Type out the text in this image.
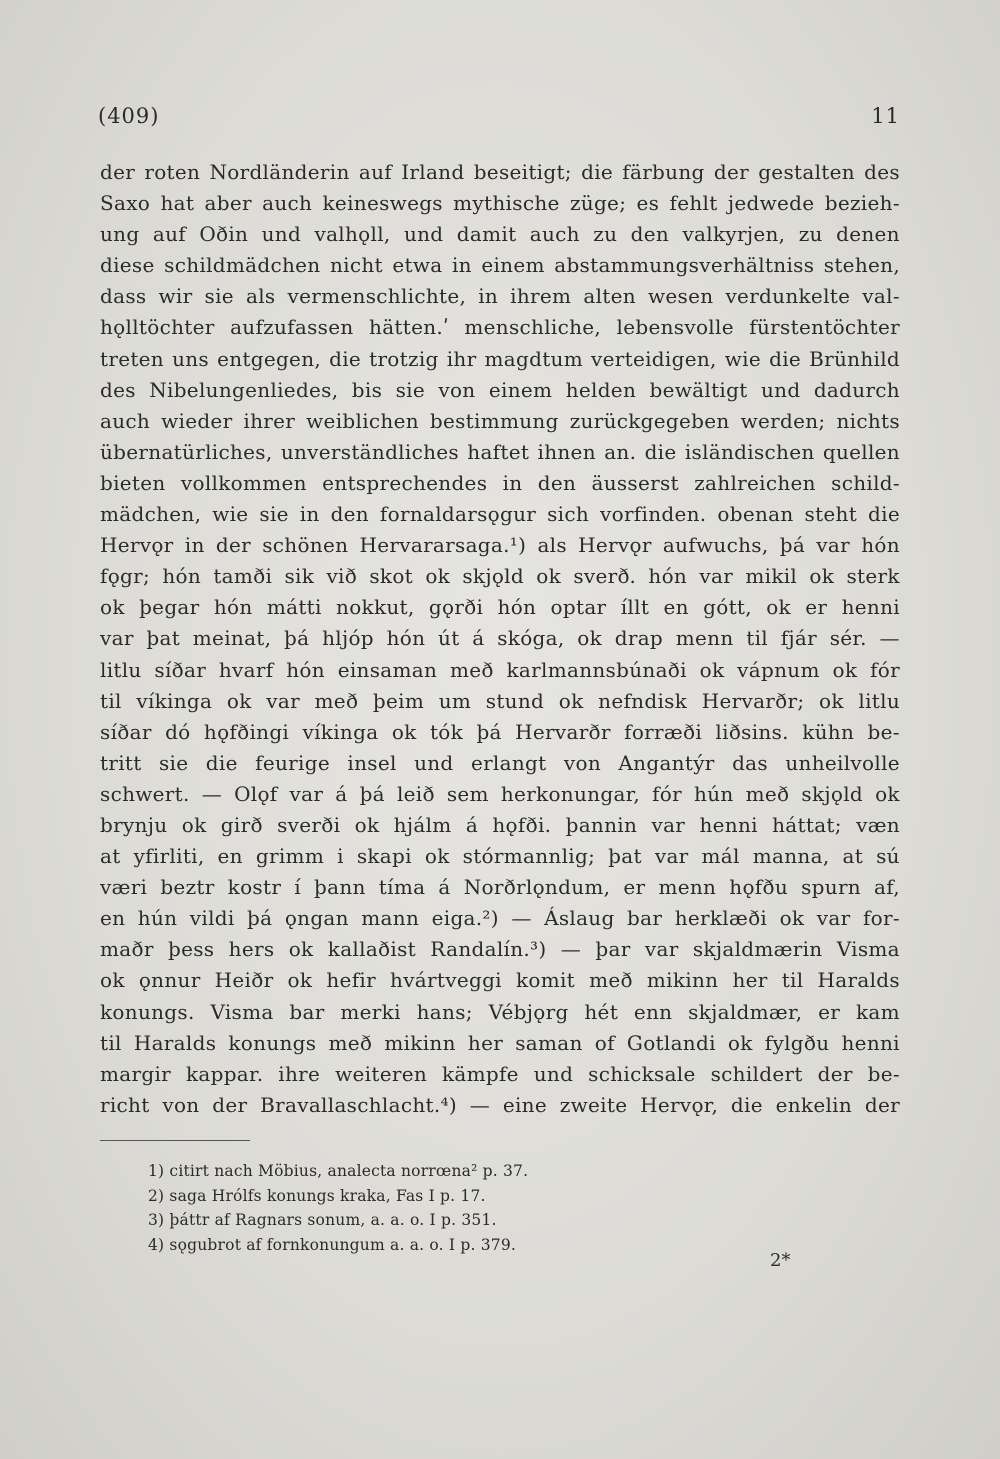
(409)	11
der roten Nordländerin auf Irland beseitigt; die färbung der gestalten des
Saxo hat aber auch keineswegs mythische züge; es fehlt jedwede bezieh-
ung auf Oðin und valhǫll, und damit auch zu den valkyrjen, zu denen
diese schildmädchen nicht etwa in einem abstammungsverhältniss stehen,
dass wir sie als vermenschlichte, in ihrem alten wesen verdunkelte val-
hǫlltöchter aufzufassen hätten.ʹ menschliche, lebensvolle fürstentöchter
treten uns entgegen, die trotzig ihr magdtum verteidigen, wie die Brünhild
des Nibelungenliedes, bis sie von einem helden bewältigt und dadurch
auch wieder ihrer weiblichen bestimmung zurückgegeben werden; nichts
übernatürliches, unverständliches haftet ihnen an. die isländischen quellen
bieten vollkommen entsprechendes in den äusserst zahlreichen schild-
mädchen, wie sie in den fornaldarsǫgur sich vorfinden. obenan steht die
Hervǫr in der schönen Hervararsaga.¹) als Hervǫr aufwuchs, þá var hón
fǫgr; hón tamði sik við skot ok skjǫld ok sverð. hón var mikil ok sterk
ok þegar hón mátti nokkut, gǫrði hón optar íllt en gótt, ok er henni
var þat meinat, þá hljóp hón út á skóga, ok drap menn til fjár sér. —
litlu síðar hvarf hón einsaman með karlmannsbúnaði ok vápnum ok fór
til víkinga ok var með þeim um stund ok nefndisk Hervarðr; ok litlu
síðar dó hǫfðingi víkinga ok tók þá Hervarðr forræði liðsins. kühn be-
tritt sie die feurige insel und erlangt von Angantýr das unheilvolle
schwert. — Olǫf var á þá leið sem herkonungar, fór hún með skjǫld ok
brynju ok girð sverði ok hjálm á hǫfði. þannin var henni háttat; væn
at yfirliti, en grimm i skapi ok stórmannlig; þat var mál manna, at sú
væri beztr kostr í þann tíma á Norðrlǫndum, er menn hǫfðu spurn af,
en hún vildi þá ǫngan mann eiga.²) — Áslaug bar herklæði ok var for-
maðr þess hers ok kallaðist Randalín.³) — þar var skjaldmærin Visma
ok ǫnnur Heiðr ok hefir hvártveggi komit með mikinn her til Haralds
konungs. Visma bar merki hans; Vébjǫrg hét enn skjaldmær, er kam
til Haralds konungs með mikinn her saman of Gotlandi ok fylgðu henni
margir kappar. ihre weiteren kämpfe und schicksale schildert der be-
richt von der Bravallaschlacht.⁴) — eine zweite Hervǫr, die enkelin der
1) citirt nach Möbius, analecta norrœna² p. 37.
2) saga Hrólfs konungs kraka, Fas I p. 17.
3) þáttr af Ragnars sonum, a. a. o. I p. 351.
4) sǫgubrot af fornkonungum a. a. o. I p. 379.
2*
